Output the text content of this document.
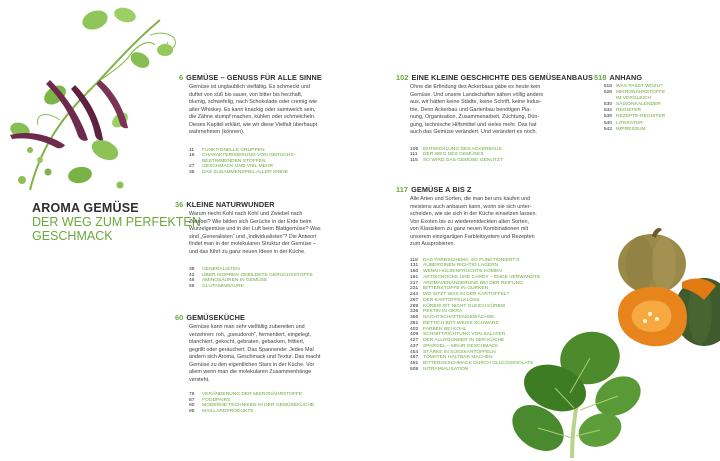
AROMA GEMÜSE
DER WEG ZUM PERFEKTEN
GESCHMACK
6 GEMÜSE – GENUSS FÜR ALLE SINNE

Gemüse ist unglaublich vielfältig. Es schmeckt und

duftet von süß bis sauer, von bitter bis herzhaft,

blumig, schwefelig, nach Schokolade oder cremig wie

alter Whiskey. Es kann knackig oder samtweich sein,

die Zähne stumpf machen, kühlen oder schmeicheln.

Dieses Kapitel erklärt, wie wir diese Vielfalt überhaupt

wahrnehmen (können).

11	FUNKTIONELLE GRUPPEN
16	CHARAKTERISIERUNG VON GERUCHS-
BESTIMMENDEN STOFFEN
27	GESCHMACK UND VIEL MEHR
35	DAS ZUSAMMENSPIEL ALLER SINNE
36 KLEINE NATURWUNDER

Warum riecht Kohl nach Kohl und Zwiebel nach

Zwiebel? Wie bilden sich Gerüche in der Erde beim

Wurzelgemüse und in der Luft beim Blattgemüse? Was

sind „Generalisten“ und „Individualisten“? Die Antwort

findet man in der molekularen Struktur der Gemüse –

und das führt zu ganz neuen Ideen in der Küche.

38	GENERALISTEN
42	ÜBER ISOPREN GEBILDETE GERUCHSSTOFFE
46	AMINOSÄUREN IN GEMÜSE
56	GLUTAMINSÄURE
60 GEMÜSEKÜCHE

Gemüse kann man sehr vielfältig zubereiten und

verzehren: roh, „pseudoroh“, fermentiert, eingelegt,

blanchiert, gekocht, gebraten, gebacken, frittiert,

gegrillt oder geräuchert. Das Spannende: Jedes Mal

ändern sich Aroma, Geschmack und Textur. Das macht

Gemüse zu den eigentlichen Stars in der Küche. Vor

allem wenn man die molekularen Zusammenhänge

versteht.

76	VERÄNDERUNG DER MIKRONÄHRSTOFFE
87	FOODPAIRS
90	MODERNE TECHNIKEN IN DER GEMÜSEKÜCHE
95	MAILLARDPRODUKTE
102 EINE KLEINE GESCHICHTE DES GEMÜSEANBAUS

Ohne die Erfindung des Ackerbaus gäbe es heute kein

Gemüse. Und unsere Landschaften sähen völlig anders

aus, wir hätten keine Städte, keine Schrift, keine Indus-

trie. Denn Ackerbau und Gartenbau benötigen Pla-

nung, Organisation, Zusammenarbeit, Züchtung, Dün-

gung, technische Hilfsmittel und vieles mehr. Das hat

auch das Gemüse verändert. Und verändert es noch.

105 ENTWICKLUNG DES ACKERBAUS
111	DER WEG DES GEMÜSES
115	SO WIRD DAS GEMÜSE GENUTZT
117 GEMÜSE A BIS Z

Alle Arten und Sorten, die man bei uns kaufen und

meistens auch anbauen kann, worin sie sich unter-

scheiden, wie sie sich in der Küche einsetzen lassen.

Von Exoten bis zu wiederentdeckten alten Sorten,

von Klassikern zu ganz neuen Kombinationen mit

unserem einzigartigen Farbleitsystem und Rezepten

zum Ausprobieren.

118	DAS FARBSCHEMA: SO FUNKTIONIERT'S
131 AUBERGINEN RICHTIG LAGERN
160 WENN HÜLSENFRÜCHTE KOMEN
181 ARTISCHOCKE UND CARDY – ENGE VERWANDTE
217 AROMAVERÄNDERUNG BEI DER REIFUNG
231 BITTERSTOFFE IN GURKEN
244 WO SITZT WAS IN DER KARTOFFEL?
267 DER KARTOFFELKLOSS
289 KÜRBIS IST NICHT GLEICH KÜRBIS
336 PEKTIN IN OKRA
356 NACHTSCHATTENGEWÄCHSE
381 RETTICH BOT WEISS SCHWARZ
402 FARBEN BEI KOHL
409 SCHNITTRICHTUNG VON SALATEN
427 DER ALLROUNDER IN DER KÜCHE
437 SPARGEL – MEHR GESCHMACK
454 STÄRKE IN SÜSSKARTOFFELN
467 TOMATEN HALTBAR MACHEN
481 BITTERGESCHMACK DURCH GLUCOSINOLATE
508 NITRAMIALISATION
518 ANHANG
518 WAS PASST WOZU?
528 MIKRONÄHRSTOFFE
IM VERGLEICH
530 SAISONKALENDER
532 REGISTER
539 REZEPTE-REGISTER
540 LITERATUR
542 IMPRESSUM
